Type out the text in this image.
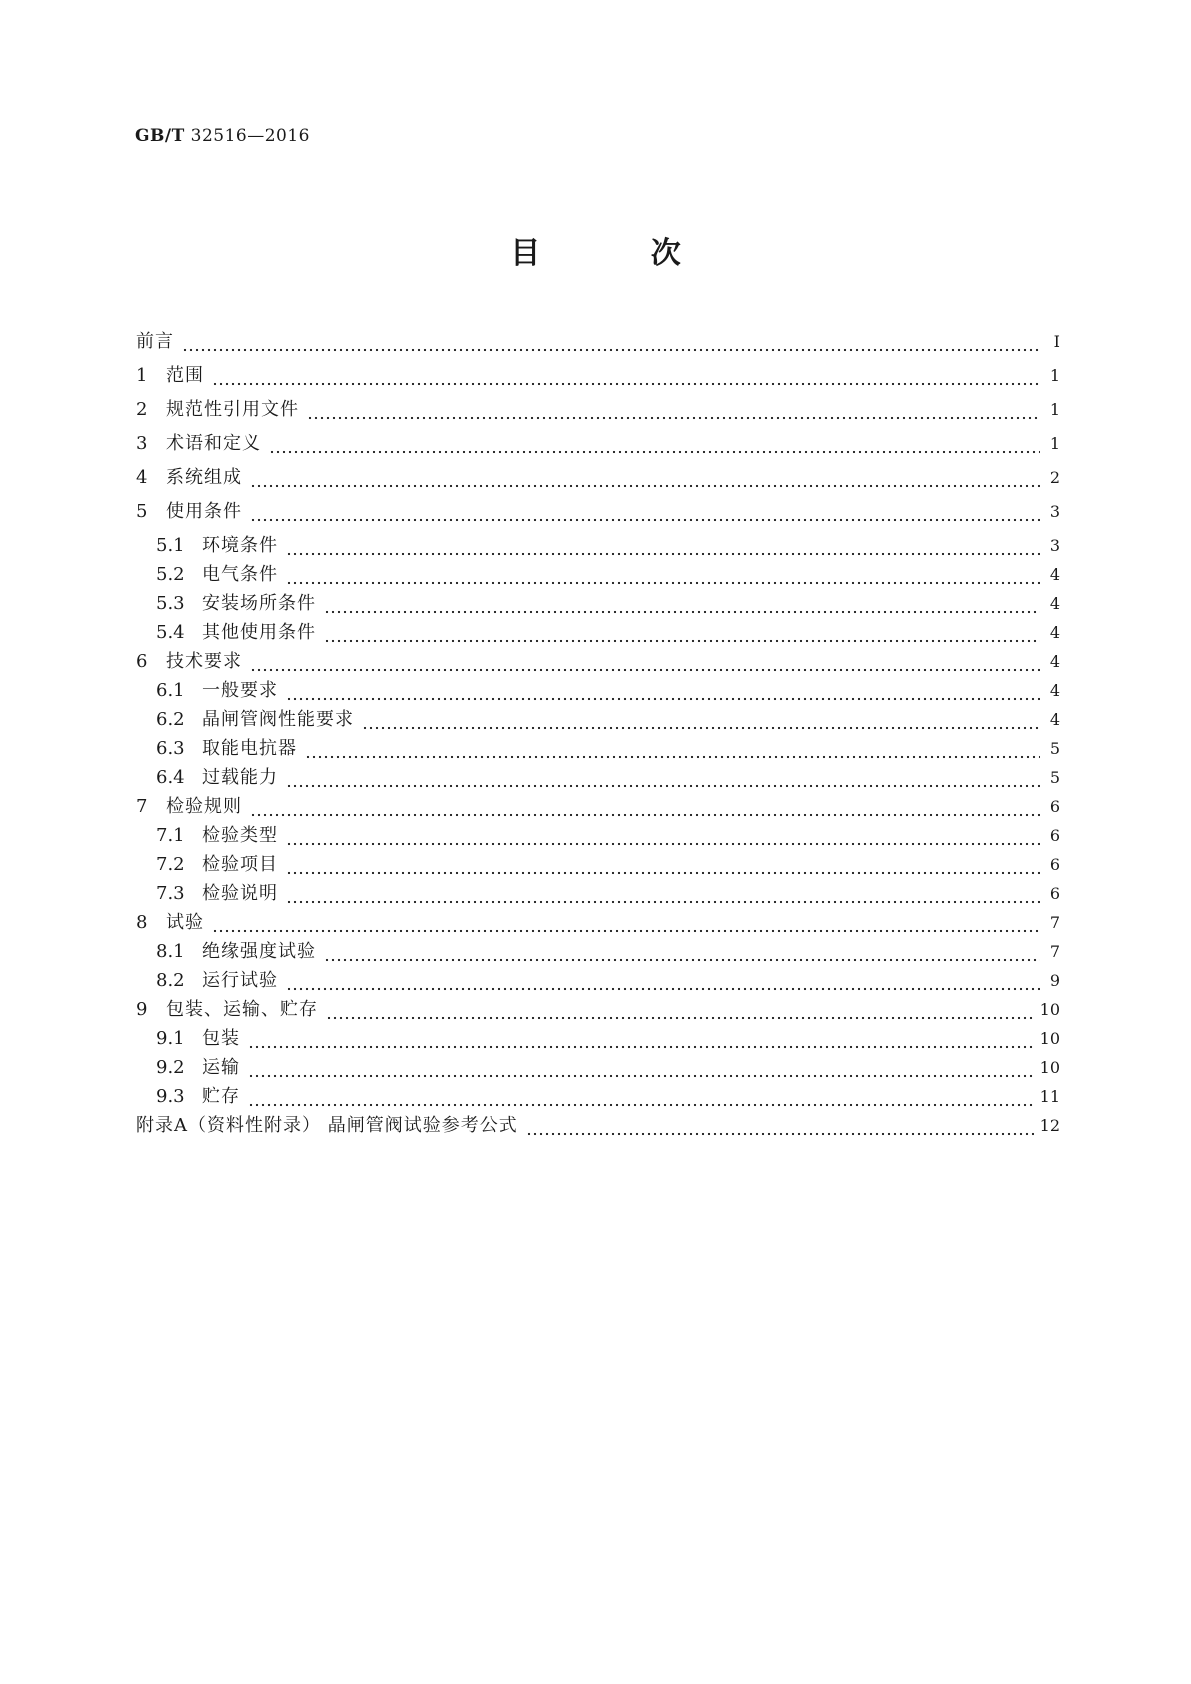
GB/T 32516—2016
目 次
前言	Ⅰ
1	范围	1
2	规范性引用文件	1
3	术语和定义	1
4	系统组成	2
5	使用条件	3
5.1 环境条件	3
5.2 电气条件	4
5.3 安装场所条件	4
5.4 其他使用条件	4
6	技术要求	4
6.1 一般要求	4
6.2 晶闸管阀性能要求	4
6.3 取能电抗器	5
6.4 过载能力	5
7	检验规则	6
7.1 检验类型	6
7.2 检验项目	6
7.3 检验说明	6
8	试验	7
8.1 绝缘强度试验	7
8.2 运行试验	9
9	包装、运输、贮存	10
9.1 包装	10
9.2 运输	10
9.3 贮存	11
附录A（资料性附录） 晶闸管阀试验参考公式	12
